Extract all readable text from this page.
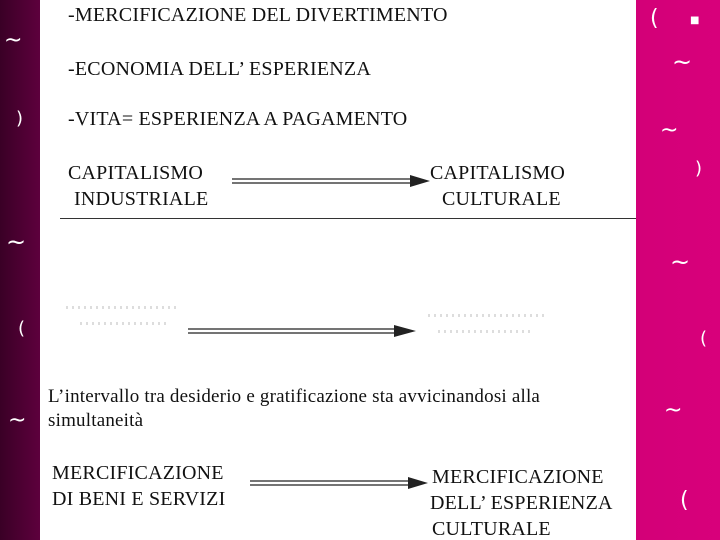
~
)
~
(
~
(	■
~
~
)
~
(
~
(
-MERCIFICAZIONE DEL DIVERTIMENTO
-ECONOMIA DELL’ ESPERIENZA
-VITA= ESPERIENZA A PAGAMENTO
CAPITALISMO
INDUSTRIALE
CAPITALISMO
CULTURALE
L’intervallo tra desiderio e gratificazione sta avvicinandosi alla
simultaneità
MERCIFICAZIONE
DI BENI E SERVIZI
MERCIFICAZIONE
DELL’ ESPERIENZA
CULTURALE
